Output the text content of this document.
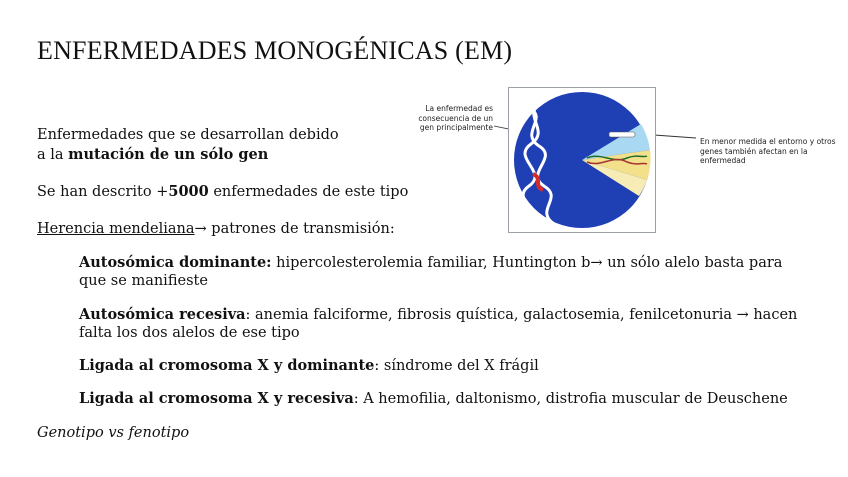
ENFERMEDADES MONOGÉNICAS (EM)
Enfermedades que se desarrollan debido
a la mutación de un sólo gen
Se han descrito +5000 enfermedades de este tipo
Herencia mendeliana→ patrones de transmisión:
Autosómica dominante: hipercolesterolemia familiar, Huntington b→ un sólo alelo basta para que se manifieste
Autosómica recesiva: anemia falciforme, fibrosis quística, galactosemia, fenilcetonuria → hacen falta los dos alelos de ese tipo
Ligada al cromosoma X y dominante: síndrome del X frágil
Ligada al cromosoma X y recesiva: A hemofilia, daltonismo, distrofia muscular de Deuschene
Genotipo vs fenotipo
La enfermedad es consecuencia de un gen principalmente
En menor medida el entorno y otros genes también afectan en la enfermedad
